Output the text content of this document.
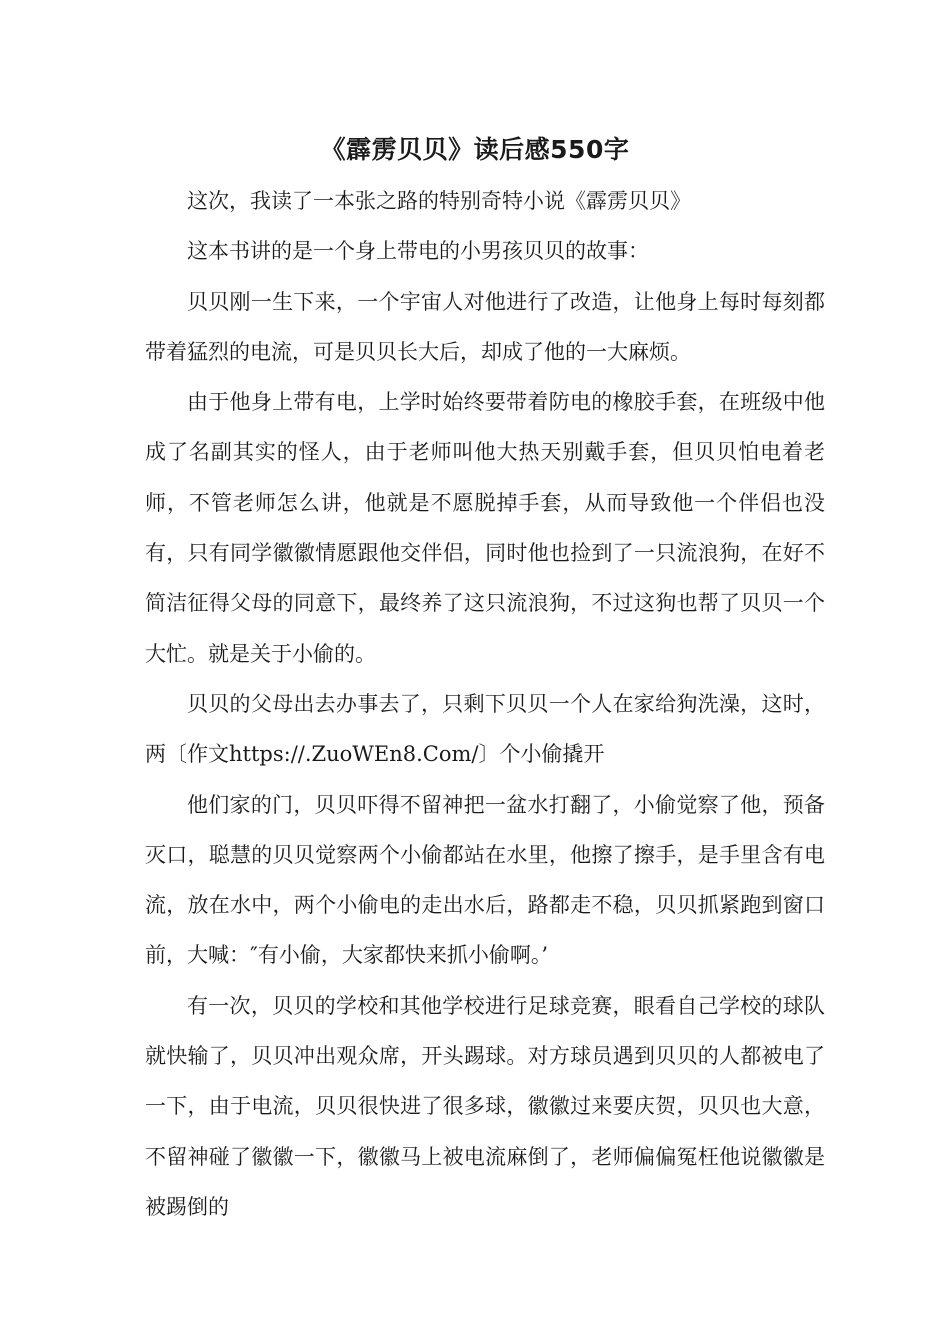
《霹雳贝贝》读后感550字

这次，我读了一本张之路的特别奇特小说《霹雳贝贝》

这本书讲的是一个身上带电的小男孩贝贝的故事：

贝贝刚一生下来，一个宇宙人对他进行了改造，让他身上每时每刻都带着猛烈的电流，可是贝贝长大后，却成了他的一大麻烦。

由于他身上带有电，上学时始终要带着防电的橡胶手套，在班级中他成了名副其实的怪人，由于老师叫他大热天别戴手套，但贝贝怕电着老师，不管老师怎么讲，他就是不愿脱掉手套，从而导致他一个伴侣也没有，只有同学徽徽情愿跟他交伴侣，同时他也捡到了一只流浪狗，在好不简洁征得父母的同意下，最终养了这只流浪狗，不过这狗也帮了贝贝一个大忙。就是关于小偷的。

贝贝的父母出去办事去了，只剩下贝贝一个人在家给狗洗澡，这时，两〔作文https://.ZuoWEn8.Com/〕个小偷撬开

他们家的门，贝贝吓得不留神把一盆水打翻了，小偷觉察了他，预备灭口，聪慧的贝贝觉察两个小偷都站在水里，他擦了擦手，是手里含有电流，放在水中，两个小偷电的走出水后，路都走不稳，贝贝抓紧跑到窗口前，大喊：″有小偷，大家都快来抓小偷啊。’

有一次，贝贝的学校和其他学校进行足球竞赛，眼看自己学校的球队就快输了，贝贝冲出观众席，开头踢球。对方球员遇到贝贝的人都被电了一下，由于电流，贝贝很快进了很多球，徽徽过来要庆贺，贝贝也大意，不留神碰了徽徽一下，徽徽马上被电流麻倒了，老师偏偏冤枉他说徽徽是被踢倒的
